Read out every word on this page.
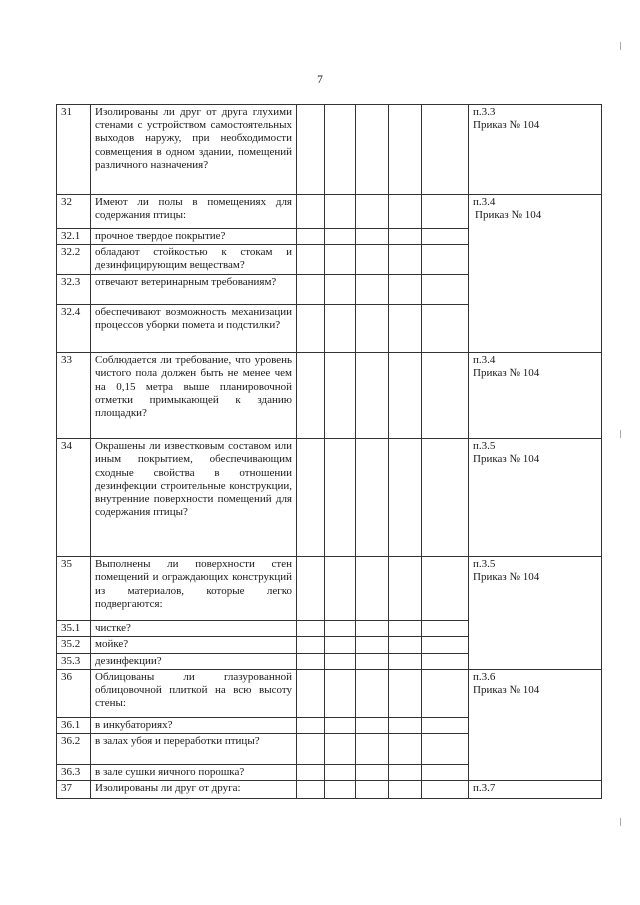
7
31	Изолированы ли друг от друга глухими стенами с устройством самостоятельных выходов наружу, при необходимости совмещения в одном здании, помещений различного назначения?						п.3.3
Приказ № 104

32	Имеют ли полы в помещениях для содержания птицы:						п.3.4
Приказ № 104

32.1	прочное твердое покрытие?						
32.2	обладают стойкостью к стокам и дезинфицирующим веществам?						
32.3	отвечают ветеринарным требованиям?						
32.4	обеспечивают возможность механизации процессов уборки помета и подстилки?						
33	Соблюдается ли требование, что уровень чистого пола должен быть не менее чем на 0,15 метра выше планировочной отметки примыкающей к зданию площадки?						п.3.4
Приказ № 104

34	Окрашены ли известковым составом или иным покрытием, обеспечивающим сходные свойства в отношении дезинфекции строительные конструкции, внутренние поверхности помещений для содержания птицы?						п.3.5
Приказ № 104

35	Выполнены ли поверхности стен помещений и ограждающих конструкций из материалов, которые легко подвергаются:						п.3.5
Приказ № 104

35.1	чистке?						
35.2	мойке?						
35.3	дезинфекции?						
36	Облицованы ли глазурованной облицовочной плиткой на всю высоту стены:						п.3.6
Приказ № 104

36.1	в инкубаториях?						
36.2	в залах убоя и переработки птицы?						
36.3	в зале сушки яичного порошка?						
37	Изолированы ли друг от друга:						п.3.7
